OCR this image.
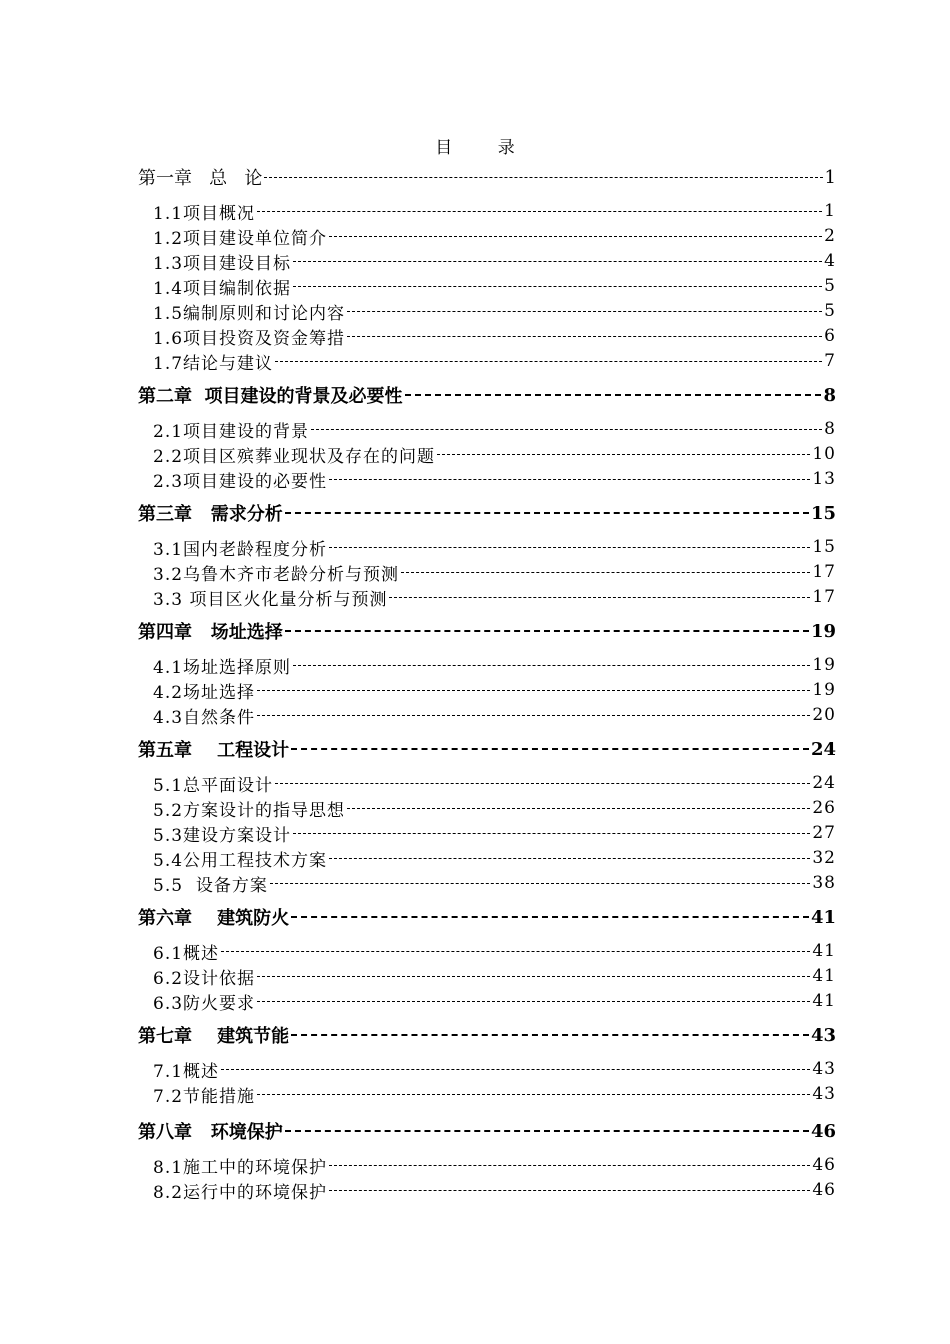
目 录
第一章   总   论	1
1.1项目概况	1
1.2项目建设单位简介	2
1.3项目建设目标	4
1.4项目编制依据	5
1.5编制原则和讨论内容	5
1.6项目投资及资金筹措	6
1.7结论与建议	7
第二章  项目建设的背景及必要性	8
2.1项目建设的背景	8
2.2项目区殡葬业现状及存在的问题	10
2.3项目建设的必要性	13
第三章   需求分析	15
3.1国内老龄程度分析	15
3.2乌鲁木齐市老龄分析与预测	17
3.3 项目区火化量分析与预测	17
第四章   场址选择	19
4.1场址选择原则	19
4.2场址选择	19
4.3自然条件	20
第五章    工程设计	24
5.1总平面设计	24
5.2方案设计的指导思想	26
5.3建设方案设计	27
5.4公用工程技术方案	32
5.5  设备方案	38
第六章    建筑防火	41
6.1概述	41
6.2设计依据	41
6.3防火要求	41
第七章    建筑节能	43
7.1概述	43
7.2节能措施	43
第八章   环境保护	46
8.1施工中的环境保护	46
8.2运行中的环境保护	46
